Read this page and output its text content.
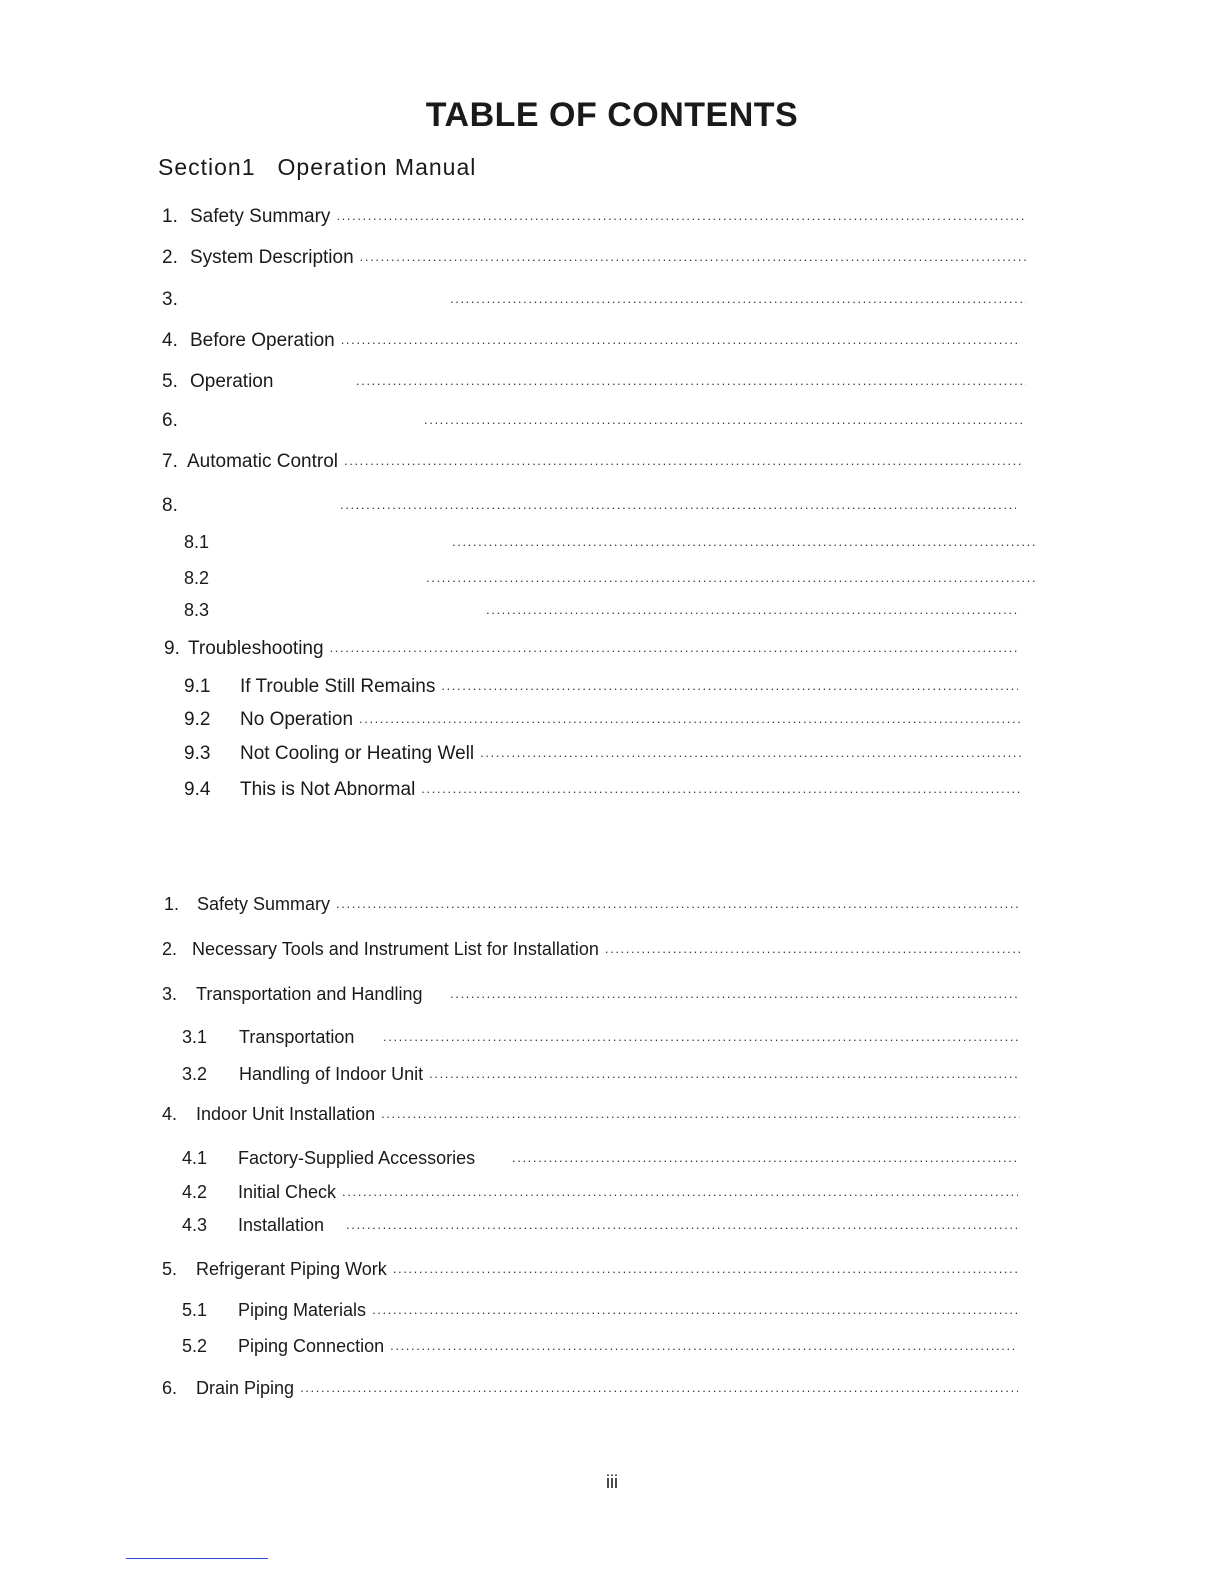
TABLE OF CONTENTS
Section1 Operation Manual
1. Safety Summary
. . .
2. System Description
. . .
3.
. . .
4. Before Operation
. . .
5. Operation
. . .
6.
. . .
7. Automatic Control
. . .
8.
. . .
8.1
. . .
8.2
. . .
8.3
. . .
9. Troubleshooting
. . .
9.1	If Trouble Still Remains
. . .
9.2	No Operation
. . .
9.3	Not Cooling or Heating Well
. . .
9.4	This is Not Abnormal
. . .
1. Safety Summary
. . .
2. Necessary Tools and Instrument List for Installation
. . .
3.	Transportation and Handling
. . .
3.1	Transportation
. . .
3.2	Handling of Indoor Unit
. . .
4.	Indoor Unit Installation
. . .
4.1	Factory-Supplied Accessories
. . .
4.2	Initial Check
. . .
4.3	Installation
. . .
5.	Refrigerant Piping Work
. . .
5.1	Piping Materials
. . .
5.2	Piping Connection
. . .
6.	Drain Piping
. . .
iii
